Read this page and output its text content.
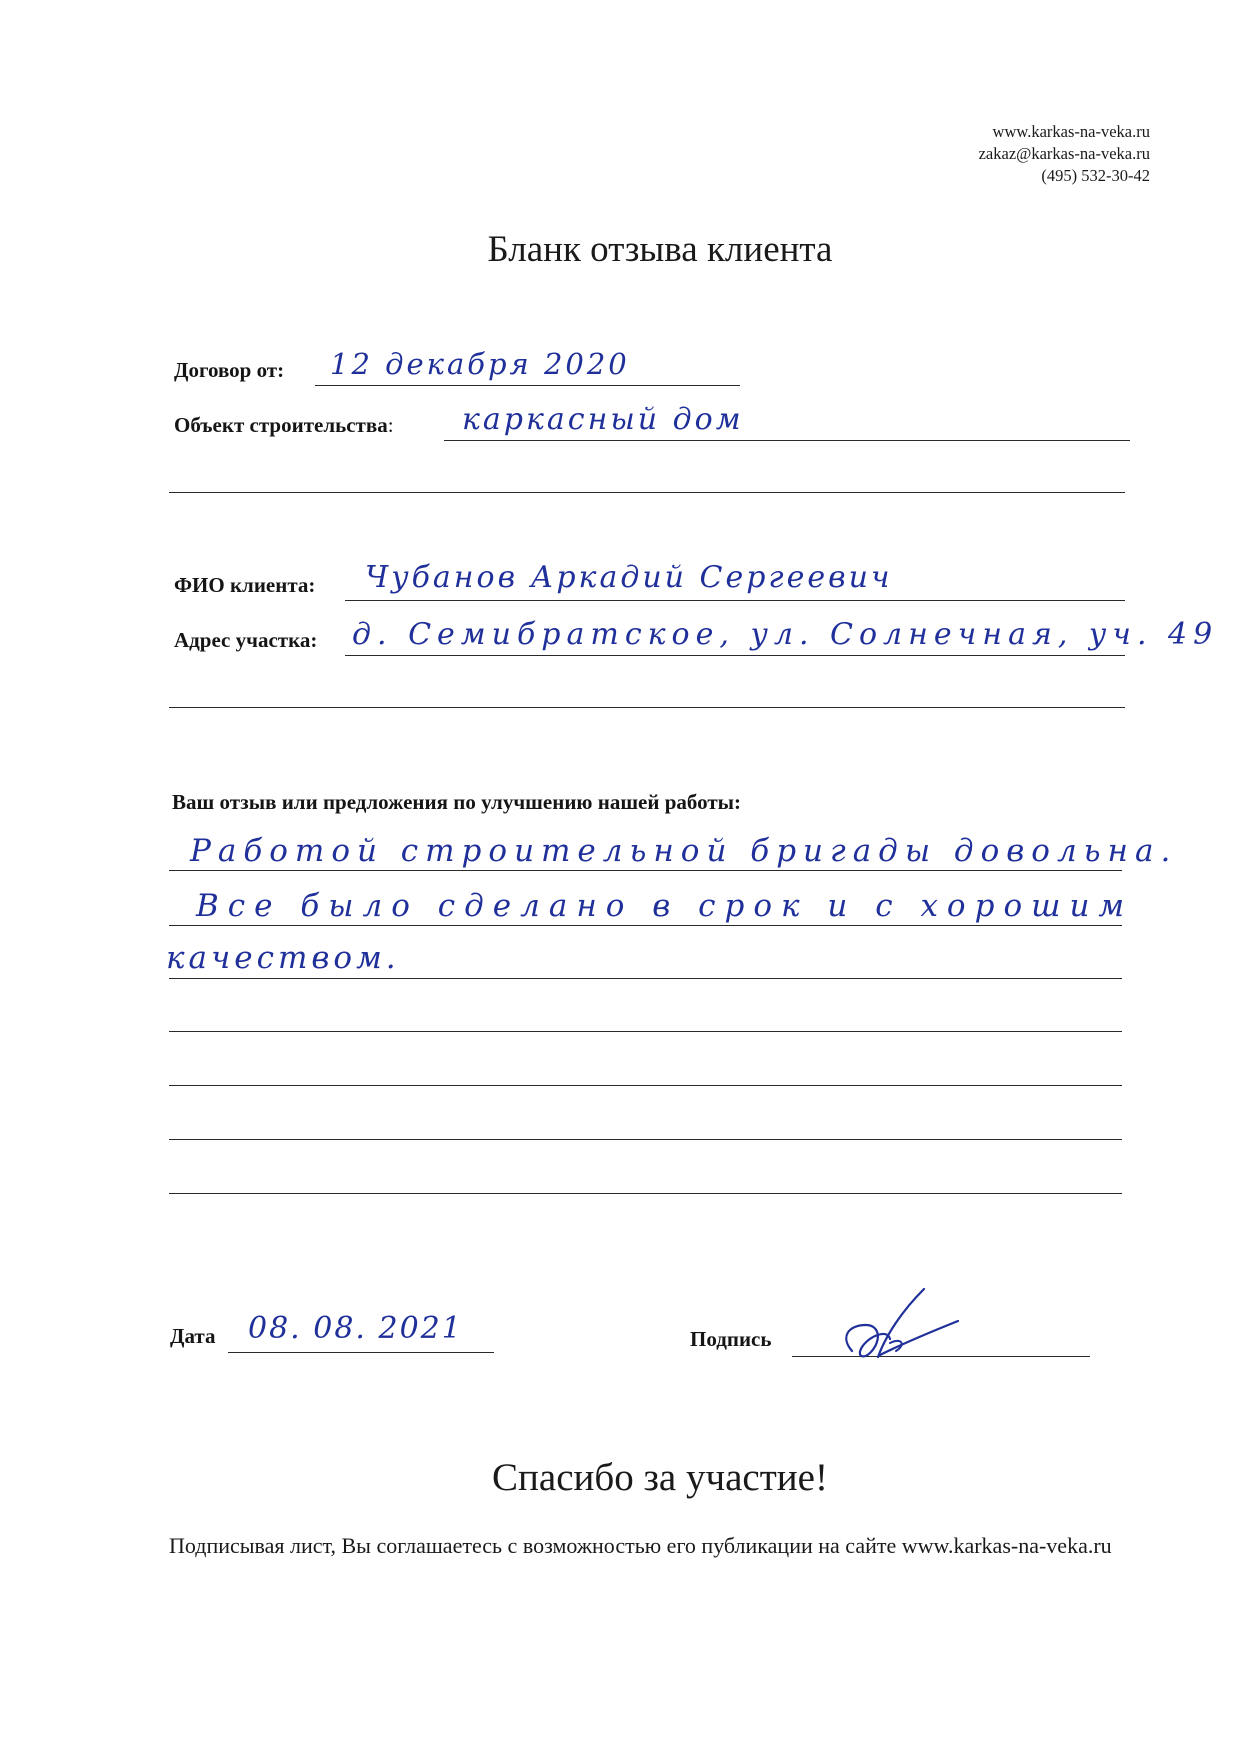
www.karkas-na-veka.ru
zakaz@karkas-na-veka.ru
(495) 532-30-42
Бланк отзыва клиента
Договор от: 12 декабря 2020
Объект строительства: каркасный дом
ФИО клиента: Чубанов Аркадий Сергеевич
Адрес участка: д. Семибратское, ул. Солнечная, уч. 49
Ваш отзыв или предложения по улучшению нашей работы:
Работой строительной бригады довольна.
Все было сделано в срок и с хорошим
качеством.
Дата 08. 08. 2021	Подпись
Спасибо за участие!
Подписывая лист, Вы соглашаетесь с возможностью его публикации на сайте www.karkas-na-veka.ru
